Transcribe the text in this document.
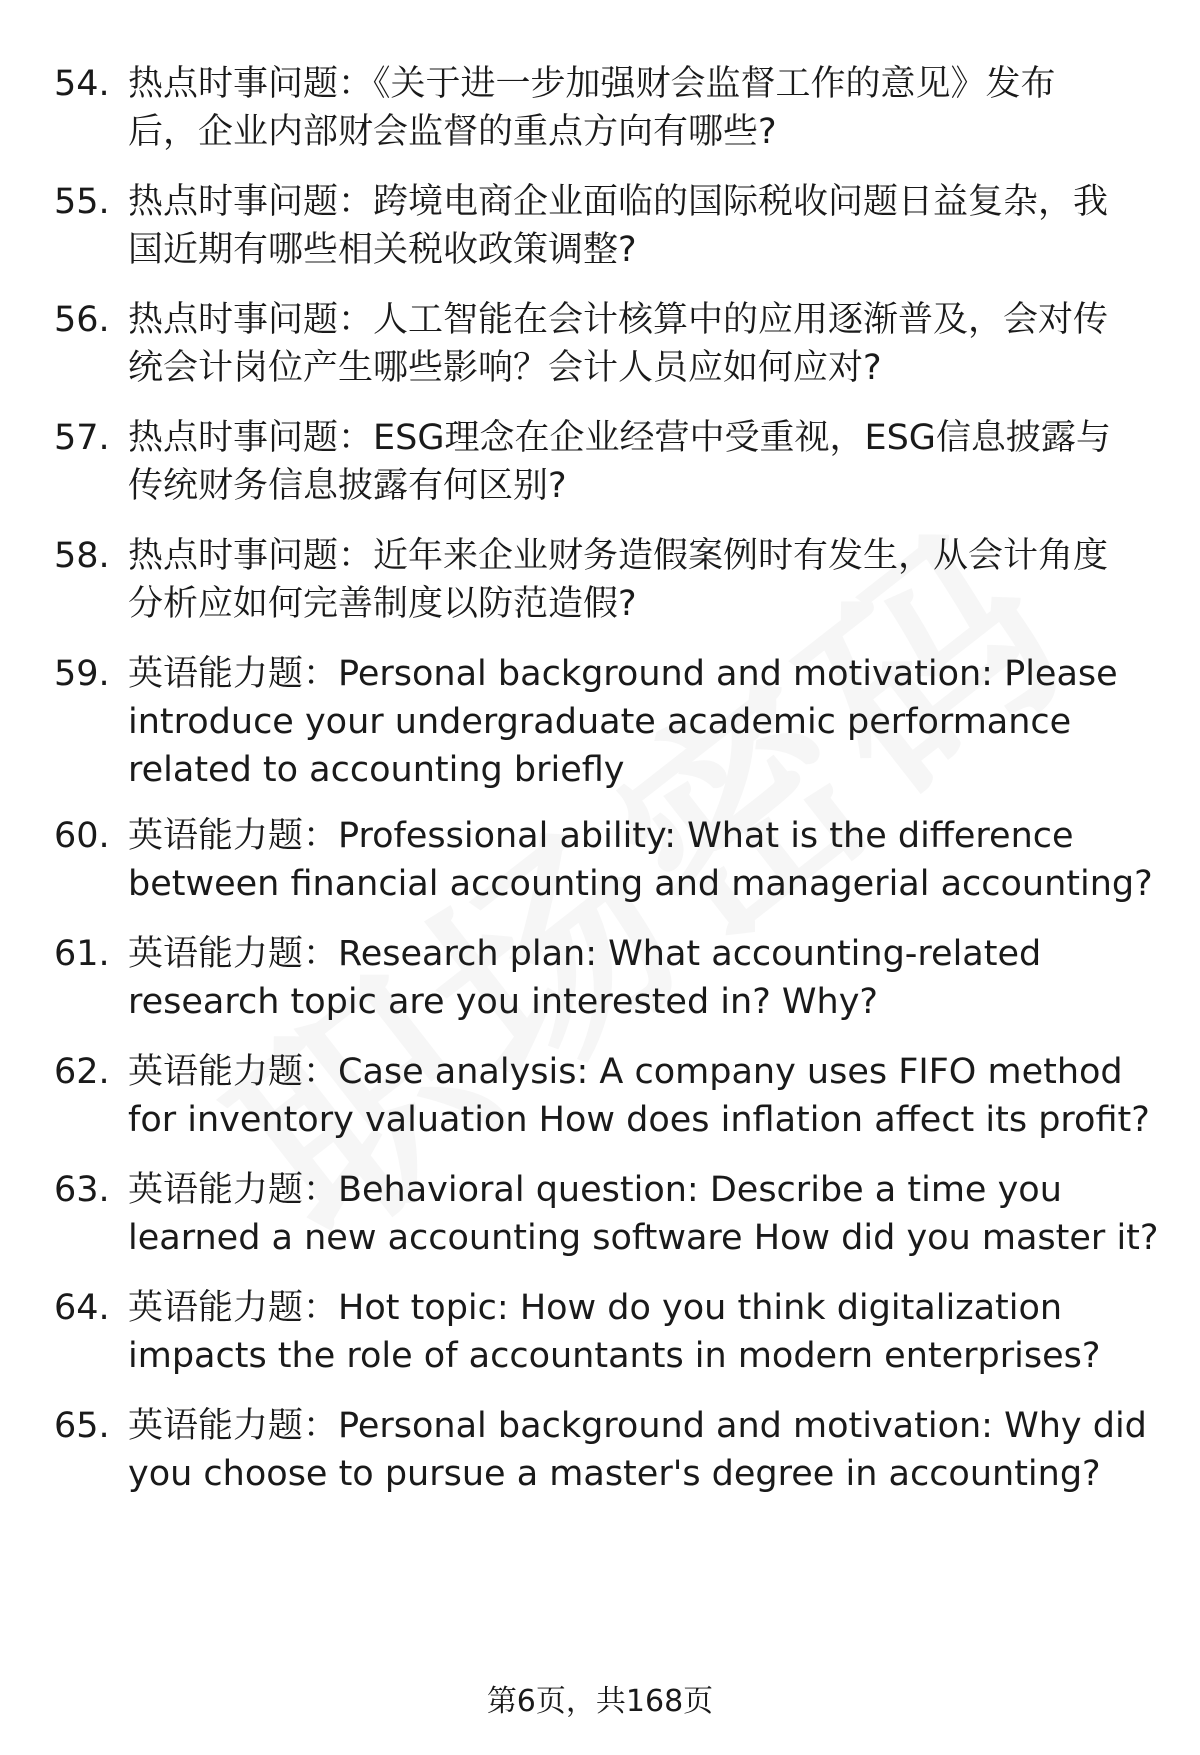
54. 热点时事问题：《关于进一步加强财会监督工作的意见》发布
后，企业内部财会监督的重点方向有哪些?
55. 热点时事问题：跨境电商企业面临的国际税收问题日益复杂，我
国近期有哪些相关税收政策调整?
56. 热点时事问题：人工智能在会计核算中的应用逐渐普及，会对传
统会计岗位产生哪些影响？会计人员应如何应对?
57. 热点时事问题：ESG理念在企业经营中受重视，ESG信息披露与
传统财务信息披露有何区别?
58. 热点时事问题：近年来企业财务造假案例时有发生，从会计角度
分析应如何完善制度以防范造假?
59. 英语能力题：Personal background and motivation: Please
introduce your undergraduate academic performance
related to accounting briefly
60. 英语能力题：Professional ability: What is the difference
between financial accounting and managerial accounting?
61. 英语能力题：Research plan: What accounting-related
research topic are you interested in? Why?
62. 英语能力题：Case analysis: A company uses FIFO method
for inventory valuation How does inflation affect its profit?
63. 英语能力题：Behavioral question: Describe a time you
learned a new accounting software How did you master it?
64. 英语能力题：Hot topic: How do you think digitalization
impacts the role of accountants in modern enterprises?
65. 英语能力题：Personal background and motivation: Why did
you choose to pursue a master's degree in accounting?
第6页，共168页
